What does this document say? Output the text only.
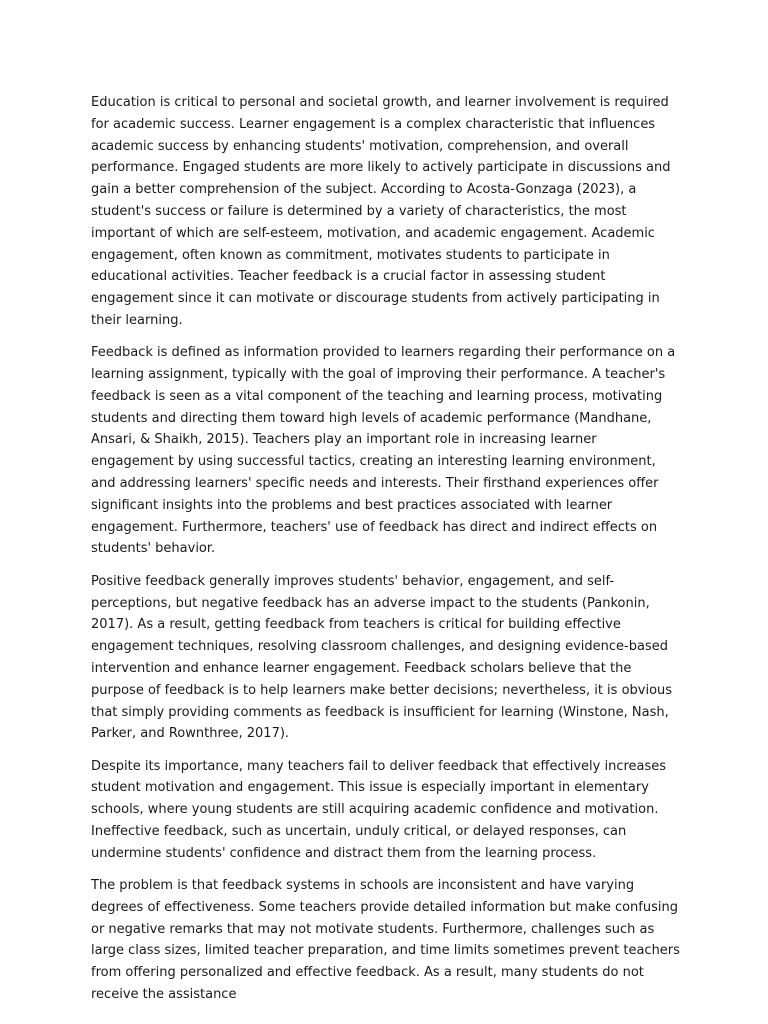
Education is critical to personal and societal growth, and learner involvement is required for academic success. Learner engagement is a complex characteristic that influences academic success by enhancing students' motivation, comprehension, and overall performance. Engaged students are more likely to actively participate in discussions and gain a better comprehension of the subject. According to Acosta-Gonzaga (2023), a student's success or failure is determined by a variety of characteristics, the most important of which are self-esteem, motivation, and academic engagement. Academic engagement, often known as commitment, motivates students to participate in educational activities. Teacher feedback is a crucial factor in assessing student engagement since it can motivate or discourage students from actively participating in their learning.

Feedback is defined as information provided to learners regarding their performance on a learning assignment, typically with the goal of improving their performance. A teacher's feedback is seen as a vital component of the teaching and learning process, motivating students and directing them toward high levels of academic performance (Mandhane, Ansari, & Shaikh, 2015). Teachers play an important role in increasing learner engagement by using successful tactics, creating an interesting learning environment, and addressing learners' specific needs and interests. Their firsthand experiences offer significant insights into the problems and best practices associated with learner engagement. Furthermore, teachers' use of feedback has direct and indirect effects on students' behavior.

Positive feedback generally improves students' behavior, engagement, and self-perceptions, but negative feedback has an adverse impact to the students (Pankonin, 2017). As a result, getting feedback from teachers is critical for building effective engagement techniques, resolving classroom challenges, and designing evidence-based intervention and enhance learner engagement. Feedback scholars believe that the purpose of feedback is to help learners make better decisions; nevertheless, it is obvious that simply providing comments as feedback is insufficient for learning (Winstone, Nash, Parker, and Rownthree, 2017).

Despite its importance, many teachers fail to deliver feedback that effectively increases student motivation and engagement. This issue is especially important in elementary schools, where young students are still acquiring academic confidence and motivation. Ineffective feedback, such as uncertain, unduly critical, or delayed responses, can undermine students' confidence and distract them from the learning process.

The problem is that feedback systems in schools are inconsistent and have varying degrees of effectiveness. Some teachers provide detailed information but make confusing or negative remarks that may not motivate students. Furthermore, challenges such as large class sizes, limited teacher preparation, and time limits sometimes prevent teachers from offering personalized and effective feedback. As a result, many students do not receive the assistance
